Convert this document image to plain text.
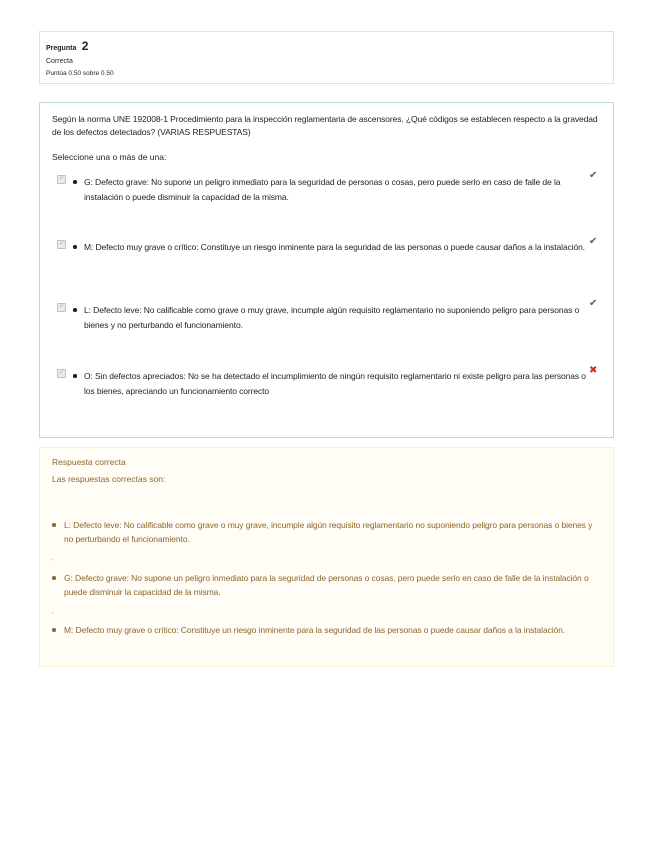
Pregunta 2
Correcta
Puntúa 0.50 sobre 0.50
Según la norma UNE 192008-1 Procedimiento para la inspección reglamentaria de ascensores. ¿Qué códigos se establecen respecto a la gravedad de los defectos detectados? (VARIAS RESPUESTAS)
Seleccione una o más de una:
✓ G: Defecto grave: No supone un peligro inmediato para la seguridad de personas o cosas, pero puede serlo en caso de falle de la instalación o puede disminuir la capacidad de la misma.
✔
✓ M: Defecto muy grave o crítico: Constituye un riesgo inminente para la seguridad de las personas o puede causar daños a la instalación. ✔
✓ L: Defecto leve: No calificable como grave o muy grave, incumple algún requisito reglamentario no suponiendo peligro para personas o bienes y no perturbando el funcionamiento.
✔
✓ O: Sin defectos apreciados: No se ha detectado el incumplimiento de ningún requisito reglamentario ni existe peligro para las personas o los bienes, apreciando un funcionamiento correcto
✖
Respuesta correcta
Las respuestas correctas son:
L: Defecto leve: No calificable como grave o muy grave, incumple algún requisito reglamentario no suponiendo peligro para personas o bienes y no perturbando el funcionamiento.
,
G: Defecto grave: No supone un peligro inmediato para la seguridad de personas o cosas, pero puede serlo en caso de falle de la instalación o puede disminuir la capacidad de la misma.
,
M: Defecto muy grave o crítico: Constituye un riesgo inminente para la seguridad de las personas o puede causar daños a la instalación.
